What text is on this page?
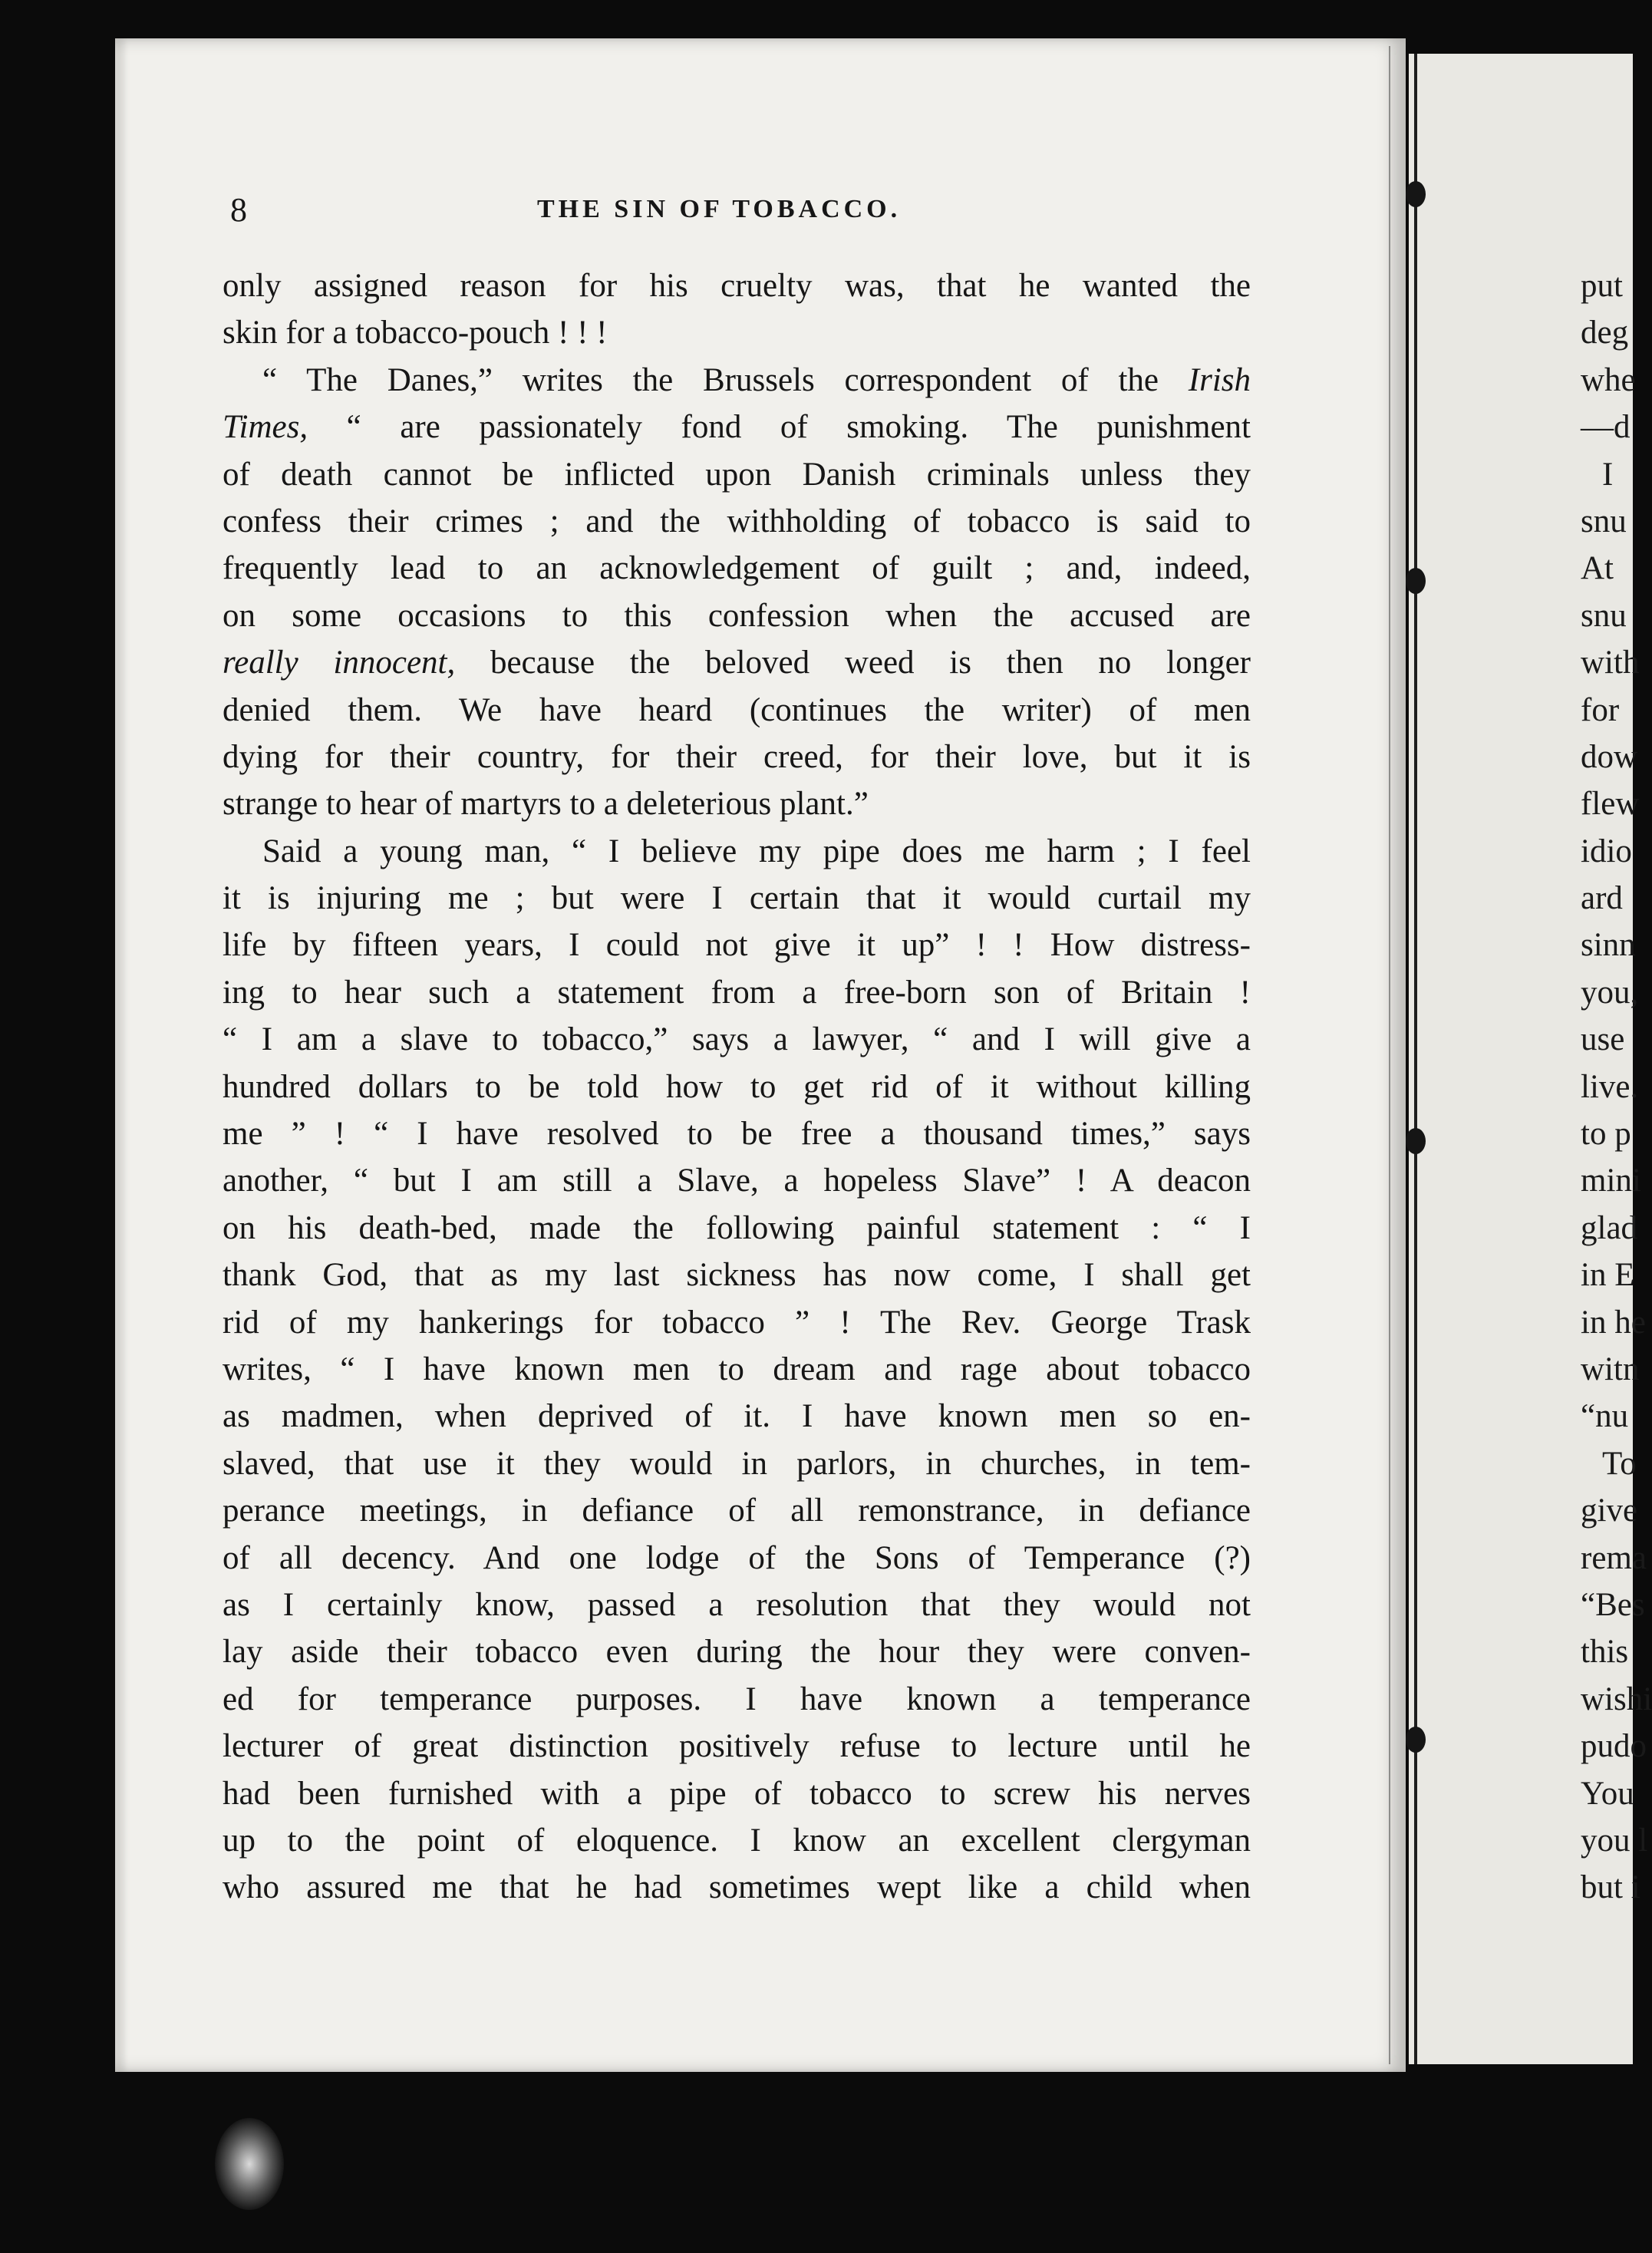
8	THE SIN OF TOBACCO.
only assigned reason for his cruelty was, that he wanted the
skin for a tobacco-pouch ! ! !
“ The Danes,” writes the Brussels correspondent of the Irish
Times, “ are passionately fond of smoking. The punishment
of death cannot be inflicted upon Danish criminals unless they
confess their crimes ; and the withholding of tobacco is said to
frequently lead to an acknowledgement of guilt ; and, indeed,
on some occasions to this confession when the accused are
really innocent, because the beloved weed is then no longer
denied them. We have heard (continues the writer) of men
dying for their country, for their creed, for their love, but it is
strange to hear of martyrs to a deleterious plant.”
Said a young man, “ I believe my pipe does me harm ; I feel
it is injuring me ; but were I certain that it would curtail my
life by fifteen years, I could not give it up” ! ! How distress-
ing to hear such a statement from a free-born son of Britain !
“ I am a slave to tobacco,” says a lawyer, “ and I will give a
hundred dollars to be told how to get rid of it without killing
me ” ! “ I have resolved to be free a thousand times,” says
another, “ but I am still a Slave, a hopeless Slave” ! A deacon
on his death-bed, made the following painful statement : “ I
thank God, that as my last sickness has now come, I shall get
rid of my hankerings for tobacco ” ! The Rev. George Trask
writes, “ I have known men to dream and rage about tobacco
as madmen, when deprived of it. I have known men so en-
slaved, that use it they would in parlors, in churches, in tem-
perance meetings, in defiance of all remonstrance, in defiance
of all decency. And one lodge of the Sons of Temperance (?)
as I certainly know, passed a resolution that they would not
lay aside their tobacco even during the hour they were conven-
ed for temperance purposes. I have known a temperance
lecturer of great distinction positively refuse to lecture until he
had been furnished with a pipe of tobacco to screw his nerves
up to the point of eloquence. I know an excellent clergyman
who assured me that he had sometimes wept like a child when
put
deg
whe
—d
I
snu
At
snu
with
for
dow
flew
idio
ard
sinn
you,
use
live.
to p
mini
glad
in E
in he
witn
“nu
To
give
rema
“Bes
this
wishi
pudo
You
you l
but i
